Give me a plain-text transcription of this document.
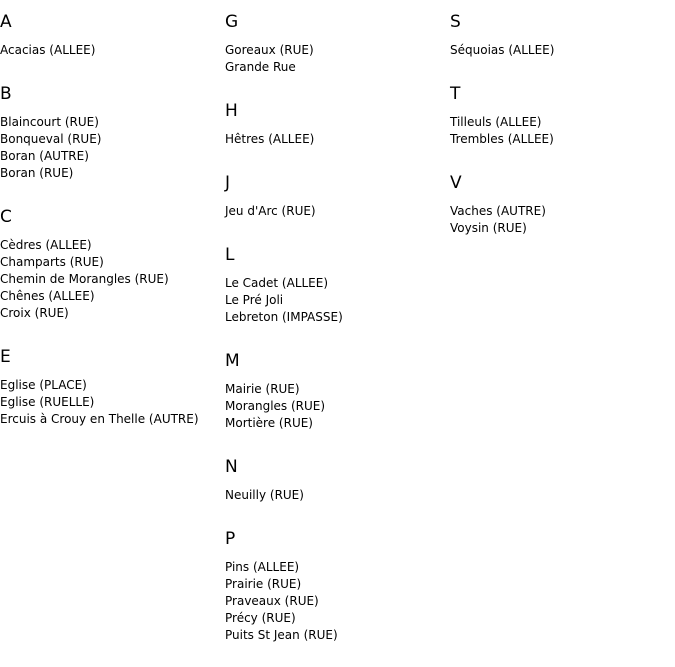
A
Acacias (ALLEE)
B
Blaincourt (RUE)
Bonqueval (RUE)
Boran (AUTRE)
Boran (RUE)
C
Cèdres (ALLEE)
Champarts (RUE)
Chemin de Morangles (RUE)
Chênes (ALLEE)
Croix (RUE)
E
Eglise (PLACE)
Eglise (RUELLE)
Ercuis à Crouy en Thelle (AUTRE)
G
Goreaux (RUE)
Grande Rue
H
Hêtres (ALLEE)
J
Jeu d'Arc (RUE)
L
Le Cadet (ALLEE)
Le Pré Joli
Lebreton (IMPASSE)
M
Mairie (RUE)
Morangles (RUE)
Mortière (RUE)
N
Neuilly (RUE)
P
Pins (ALLEE)
Prairie (RUE)
Praveaux (RUE)
Précy (RUE)
Puits St Jean (RUE)
S
Séquoias (ALLEE)
T
Tilleuls (ALLEE)
Trembles (ALLEE)
V
Vaches (AUTRE)
Voysin (RUE)
